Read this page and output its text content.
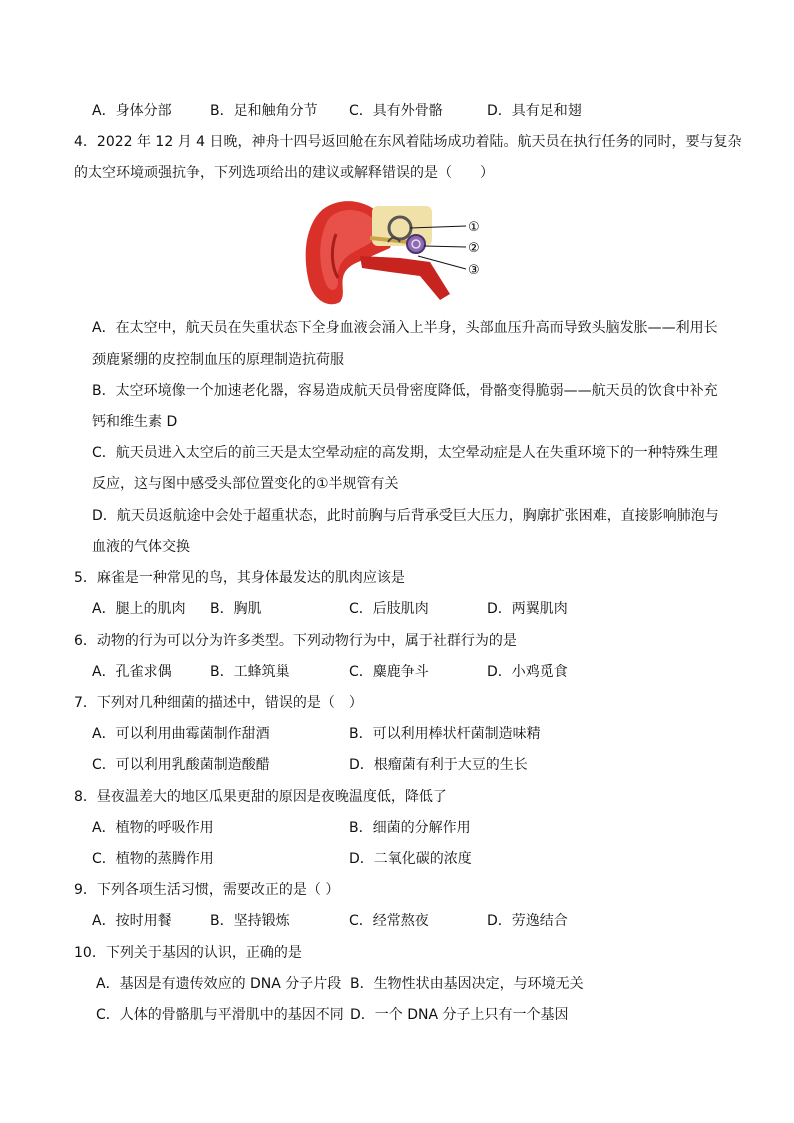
A．身体分部	B．足和触角分节 C．具有外骨骼	D．具有足和翅
4．2022 年 12 月 4 日晚，神舟十四号返回舱在东风着陆场成功着陆。航天员在执行任务的同时，要与复杂
的太空环境顽强抗争，下列选项给出的建议或解释错误的是（　　）
①
②
③
A．在太空中，航天员在失重状态下全身血液会涌入上半身，头部血压升高而导致头脑发胀——利用长
颈鹿紧绷的皮控制血压的原理制造抗荷服
B．太空环境像一个加速老化器，容易造成航天员骨密度降低，骨骼变得脆弱——航天员的饮食中补充
钙和维生素 D
C．航天员进入太空后的前三天是太空晕动症的高发期，太空晕动症是人在失重环境下的一种特殊生理
反应，这与图中感受头部位置变化的①半规管有关
D．航天员返航途中会处于超重状态，此时前胸与后背承受巨大压力，胸廓扩张困难，直接影响肺泡与
血液的气体交换
5．麻雀是一种常见的鸟，其身体最发达的肌肉应该是
A．腿上的肌肉 B．胸肌	C．后肢肌肉	D．两翼肌肉
6．动物的行为可以分为许多类型。下列动物行为中，属于社群行为的是
A．孔雀求偶	B．工蜂筑巢	C．麋鹿争斗	D．小鸡觅食
7．下列对几种细菌的描述中，错误的是（　）
A．可以利用曲霉菌制作甜酒	B．可以利用棒状杆菌制造味精
C．可以利用乳酸菌制造酸醋	D．根瘤菌有利于大豆的生长
8．昼夜温差大的地区瓜果更甜的原因是夜晚温度低，降低了
A．植物的呼吸作用	B．细菌的分解作用
C．植物的蒸腾作用	D．二氧化碳的浓度
9．下列各项生活习惯，需要改正的是（ ）
A．按时用餐	B．坚持锻炼	C．经常熬夜	D．劳逸结合
10．下列关于基因的认识，正确的是
A．基因是有遗传效应的 DNA 分子片段 B．生物性状由基因决定，与环境无关
C．人体的骨骼肌与平滑肌中的基因不同 D．一个 DNA 分子上只有一个基因
